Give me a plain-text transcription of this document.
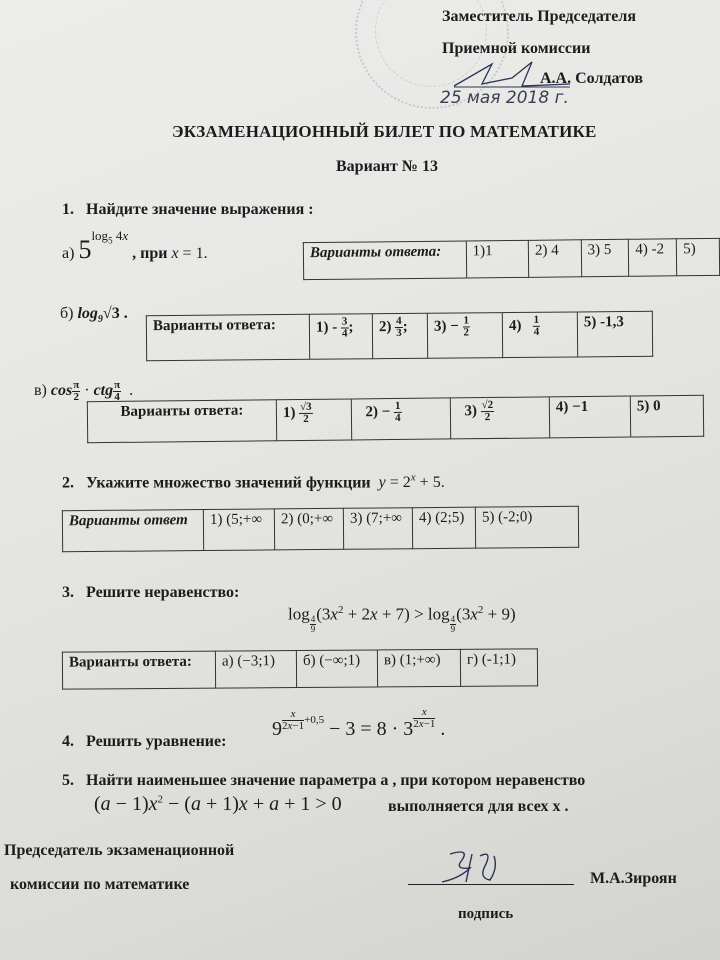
Заместитель Председателя
Приемной комиссии
А.А. Солдатов
25 мая 2018 г.
ЭКЗАМЕНАЦИОННЫЙ БИЛЕТ ПО МАТЕМАТИКЕ
Вариант № 13
1. Найдите значение выражения :
а) $5^{log_5 4x}$ , при x = 1.	Варианты ответа:	1)1	2) 4	3) 5	4) -2	5)
б) $\log_9√3$ .
Варианты ответа:	$1) - \frac{3}{4}$ ;	$2) \frac{4}{3}$ ;	$3) - \frac{1}{2}$	$4) \frac{1}{4}$	5) -1,3
в) $\cos \frac{\pi}{2}$ · ctg $\frac{\pi}{4}$ .
Варианты ответа:	$1) \frac{√3}{2}$	$2) - \frac{1}{4}$	$3) \frac{√2}{2}$	4) −1	5) 0
2. Укажите множество значений функции $y = 2^x + 5$.
Варианты ответ	1) (5;+∞	2) (0;+∞	3) (7;+∞	4) (2;5)	5) (-2;0)
3. Решите неравенство:
log
$\frac{4}{9}$
$(3x^2 + 2x + 7) > \log$
$\frac{4}{9}$
$(3x^2 + 9)$
Варианты ответа:	а) (−3;1)	б) (−∞;1)	в) (1;+∞)	г) (-1;1)
4. Решить уравнение:
$9 \frac{x}{2x-1} +0,5 - 3 = 8 \cdot 3 \frac{x}{2x-1}$ .
5. Найти наименьшее значение параметра a , при котором неравенство
$(a - 1)x^2 - (a + 1)x + a + 1 > 0$	выполняется для всех x .
Председатель экзаменационной
комиссии по математике	М.А.Зироян
подпись
